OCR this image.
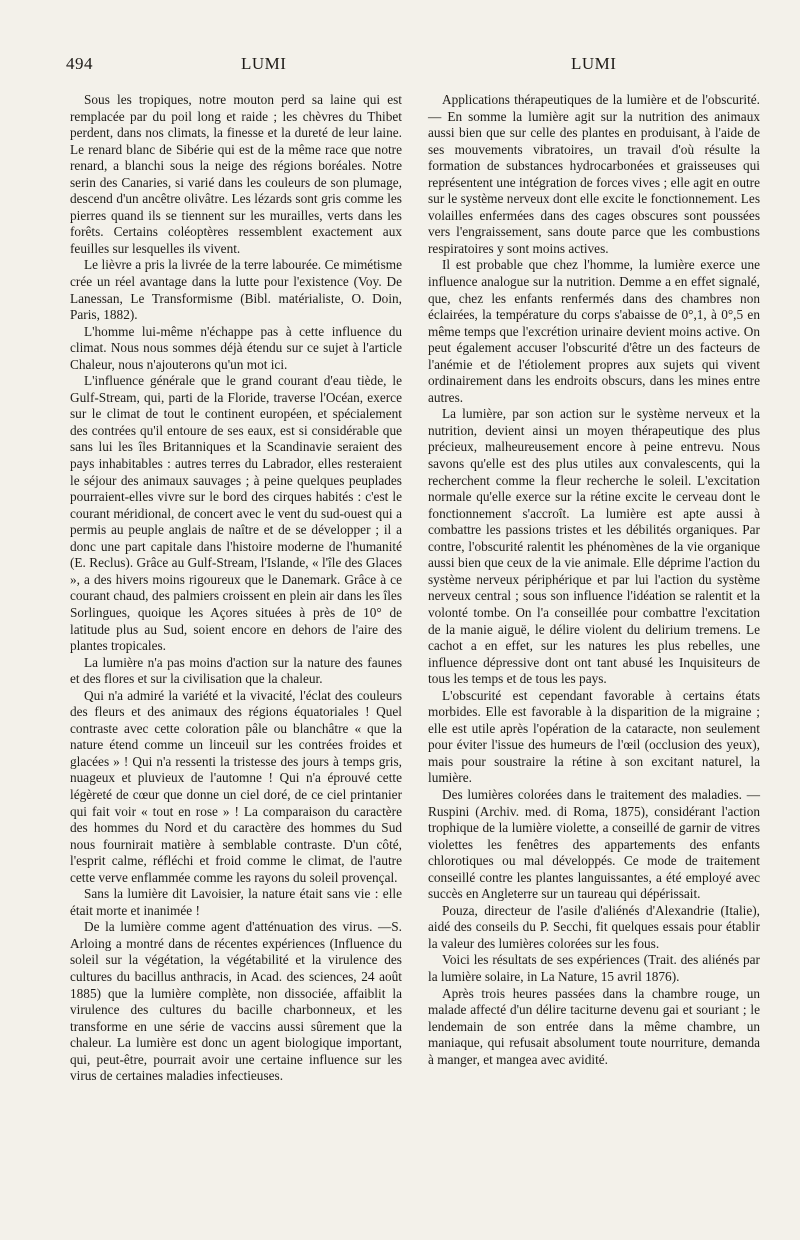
494	LUMI	LUMI

Sous les tropiques, notre mouton perd sa laine qui est remplacée par du poil long et raide ; les chèvres du Thibet perdent, dans nos climats, la finesse et la dureté de leur laine. Le renard blanc de Sibérie qui est de la même race que notre renard, a blanchi sous la neige des régions boréales. Notre serin des Canaries, si varié dans les couleurs de son plumage, descend d'un ancêtre olivâtre. Les lézards sont gris comme les pierres quand ils se tiennent sur les murailles, verts dans les forêts. Certains coléoptères ressemblent exactement aux feuilles sur lesquelles ils vivent.

Le lièvre a pris la livrée de la terre labourée. Ce mimétisme crée un réel avantage dans la lutte pour l'existence (Voy. De Lanessan, Le Transformisme (Bibl. matérialiste, O. Doin, Paris, 1882).

L'homme lui-même n'échappe pas à cette influence du climat. Nous nous sommes déjà étendu sur ce sujet à l'article Chaleur, nous n'ajouterons qu'un mot ici.

L'influence générale que le grand courant d'eau tiède, le Gulf-Stream, qui, parti de la Floride, traverse l'Océan, exerce sur le climat de tout le continent européen, et spécialement des contrées qu'il entoure de ses eaux, est si considérable que sans lui les îles Britanniques et la Scandinavie seraient des pays inhabitables : autres terres du Labrador, elles resteraient le séjour des animaux sauvages ; à peine quelques peuplades pourraient-elles vivre sur le bord des cirques habités : c'est le courant méridional, de concert avec le vent du sud-ouest qui a permis au peuple anglais de naître et de se développer ; il a donc une part capitale dans l'histoire moderne de l'humanité (E. Reclus). Grâce au Gulf-Stream, l'Islande, « l'île des Glaces », a des hivers moins rigoureux que le Danemark. Grâce à ce courant chaud, des palmiers croissent en plein air dans les îles Sorlingues, quoique les Açores situées à près de 10° de latitude plus au Sud, soient encore en dehors de l'aire des plantes tropicales.

La lumière n'a pas moins d'action sur la nature des faunes et des flores et sur la civilisation que la chaleur.

Qui n'a admiré la variété et la vivacité, l'éclat des couleurs des fleurs et des animaux des régions équatoriales ! Quel contraste avec cette coloration pâle ou blanchâtre « que la nature étend comme un linceuil sur les contrées froides et glacées » ! Qui n'a ressenti la tristesse des jours à temps gris, nuageux et pluvieux de l'automne ! Qui n'a éprouvé cette légèreté de cœur que donne un ciel doré, de ce ciel printanier qui fait voir « tout en rose » ! La comparaison du caractère des hommes du Nord et du caractère des hommes du Sud nous fournirait matière à semblable contraste. D'un côté, l'esprit calme, réfléchi et froid comme le climat, de l'autre cette verve enflammée comme les rayons du soleil provençal.

Sans la lumière dit Lavoisier, la nature était sans vie : elle était morte et inanimée !

De la lumière comme agent d'atténuation des virus. —S. Arloing a montré dans de récentes expériences (Influence du soleil sur la végétation, la végétabilité et la virulence des cultures du bacillus anthracis, in Acad. des sciences, 24 août 1885) que la lumière complète, non dissociée, affaiblit la virulence des cultures du bacille charbonneux, et les transforme en une série de vaccins aussi sûrement que la chaleur. La lumière est donc un agent biologique important, qui, peut-être, pourrait avoir une certaine influence sur les virus de certaines maladies infectieuses.

Applications thérapeutiques de la lumière et de l'obscurité. — En somme la lumière agit sur la nutrition des animaux aussi bien que sur celle des plantes en produisant, à l'aide de ses mouvements vibratoires, un travail d'où résulte la formation de substances hydrocarbonées et graisseuses qui représentent une intégration de forces vives ; elle agit en outre sur le système nerveux dont elle excite le fonctionnement. Les volailles enfermées dans des cages obscures sont poussées vers l'engraissement, sans doute parce que les combustions respiratoires y sont moins actives.

Il est probable que chez l'homme, la lumière exerce une influence analogue sur la nutrition. Demme a en effet signalé, que, chez les enfants renfermés dans des chambres non éclairées, la température du corps s'abaisse de 0°,1, à 0°,5 en même temps que l'excrétion urinaire devient moins active. On peut également accuser l'obscurité d'être un des facteurs de l'anémie et de l'étiolement propres aux sujets qui vivent ordinairement dans les endroits obscurs, dans les mines entre autres.

La lumière, par son action sur le système nerveux et la nutrition, devient ainsi un moyen thérapeutique des plus précieux, malheureusement encore à peine entrevu. Nous savons qu'elle est des plus utiles aux convalescents, qui la recherchent comme la fleur recherche le soleil. L'excitation normale qu'elle exerce sur la rétine excite le cerveau dont le fonctionnement s'accroît. La lumière est apte aussi à combattre les passions tristes et les débilités organiques. Par contre, l'obscurité ralentit les phénomènes de la vie organique aussi bien que ceux de la vie animale. Elle déprime l'action du système nerveux périphérique et par lui l'action du système nerveux central ; sous son influence l'idéation se ralentit et la volonté tombe. On l'a conseillée pour combattre l'excitation de la manie aiguë, le délire violent du delirium tremens. Le cachot a en effet, sur les natures les plus rebelles, une influence dépressive dont ont tant abusé les Inquisiteurs de tous les temps et de tous les pays.

L'obscurité est cependant favorable à certains états morbides. Elle est favorable à la disparition de la migraine ; elle est utile après l'opération de la cataracte, non seulement pour éviter l'issue des humeurs de l'œil (occlusion des yeux), mais pour soustraire la rétine à son excitant naturel, la lumière.

Des lumières colorées dans le traitement des maladies. — Ruspini (Archiv. med. di Roma, 1875), considérant l'action trophique de la lumière violette, a conseillé de garnir de vitres violettes les fenêtres des appartements des enfants chlorotiques ou mal développés. Ce mode de traitement conseillé contre les plantes languissantes, a été employé avec succès en Angleterre sur un taureau qui dépérissait.

Pouza, directeur de l'asile d'aliénés d'Alexandrie (Italie), aidé des conseils du P. Secchi, fit quelques essais pour établir la valeur des lumières colorées sur les fous.

Voici les résultats de ses expériences (Trait. des aliénés par la lumière solaire, in La Nature, 15 avril 1876).

Après trois heures passées dans la chambre rouge, un malade affecté d'un délire taciturne devenu gai et souriant ; le lendemain de son entrée dans la même chambre, un maniaque, qui refusait absolument toute nourriture, demanda à manger, et mangea avec avidité.
